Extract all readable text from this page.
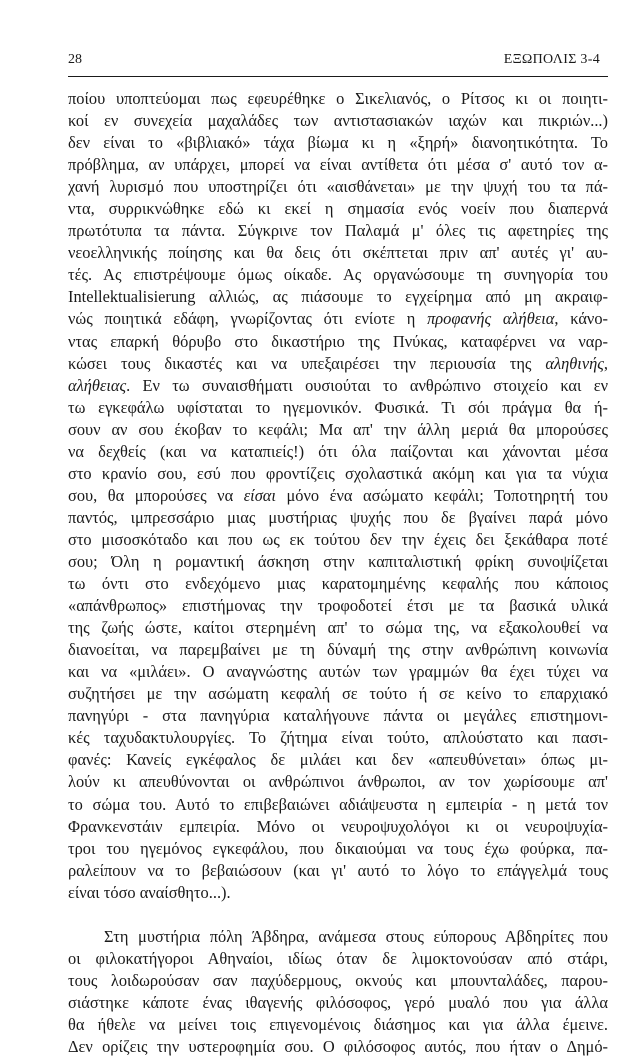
28	ΕΞΩΠΟΛΙΣ 3-4
ποίου υποπτεύομαι πως εφευρέθηκε ο Σικελιανός, ο Ρίτσος κι οι ποιητι-
κοί εν συνεχεία μαχαλάδες των αντιστασιακών ιαχών και πικριών...)
δεν είναι το «βιβλιακό» τάχα βίωμα κι η «ξηρή» διανοητικότητα. Το
πρόβλημα, αν υπάρχει, μπορεί να είναι αντίθετα ότι μέσα σ' αυτό τον α-
χανή λυρισμό που υποστηρίζει ότι «αισθάνεται» με την ψυχή του τα πά-
ντα, συρρικνώθηκε εδώ κι εκεί η σημασία ενός νοείν που διαπερνά
πρωτότυπα τα πάντα. Σύγκρινε τον Παλαμά μ' όλες τις αφετηρίες της
νεοελληνικής ποίησης και θα δεις ότι σκέπτεται πριν απ' αυτές γι' αυ-
τές. Ας επιστρέψουμε όμως οίκαδε. Ας οργανώσουμε τη συνηγορία του
Intellektualisierung αλλιώς, ας πιάσουμε το εγχείρημα από μη ακραιφ-
νώς ποιητικά εδάφη, γνωρίζοντας ότι ενίοτε η προφανής αλήθεια, κάνο-
ντας επαρκή θόρυβο στο δικαστήριο της Πνύκας, καταφέρνει να ναρ-
κώσει τους δικαστές και να υπεξαιρέσει την περιουσία της αληθινής,
αλήθειας. Εν τω συναισθήματι ουσιούται το ανθρώπινο στοιχείο και εν
τω εγκεφάλω υφίσταται το ηγεμονικόν. Φυσικά. Τι σόι πράγμα θα ή-
σουν αν σου έκοβαν το κεφάλι; Μα απ' την άλλη μεριά θα μπορούσες
να δεχθείς (και να καταπιείς!) ότι όλα παίζονται και χάνονται μέσα
στο κρανίο σου, εσύ που φροντίζεις σχολαστικά ακόμη και για τα νύχια
σου, θα μπορούσες να είσαι μόνο ένα ασώματο κεφάλι; Τοποτηρητή του
παντός, ιμπρεσσάριο μιας μυστήριας ψυχής που δε βγαίνει παρά μόνο
στο μισοσκόταδο και που ως εκ τούτου δεν την έχεις δει ξεκάθαρα ποτέ
σου; Όλη η ρομαντική άσκηση στην καπιταλιστική φρίκη συνοψίζεται
τω όντι στο ενδεχόμενο μιας καρατομημένης κεφαλής που κάποιος
«απάνθρωπος» επιστήμονας την τροφοδοτεί έτσι με τα βασικά υλικά
της ζωής ώστε, καίτοι στερημένη απ' το σώμα της, να εξακολουθεί να
διανοείται, να παρεμβαίνει με τη δύναμή της στην ανθρώπινη κοινωνία
και να «μιλάει». Ο αναγνώστης αυτών των γραμμών θα έχει τύχει να
συζητήσει με την ασώματη κεφαλή σε τούτο ή σε κείνο το επαρχιακό
πανηγύρι - στα πανηγύρια καταλήγουνε πάντα οι μεγάλες επιστημονι-
κές ταχυδακτυλουργίες. Το ζήτημα είναι τούτο, απλούστατο και πασι-
φανές: Κανείς εγκέφαλος δε μιλάει και δεν «απευθύνεται» όπως μι-
λούν κι απευθύνονται οι ανθρώπινοι άνθρωποι, αν τον χωρίσουμε απ'
το σώμα του. Αυτό το επιβεβαιώνει αδιάψευστα η εμπειρία - η μετά τον
Φρανκενστάιν εμπειρία. Μόνο οι νευροψυχολόγοι κι οι νευροψυχία-
τροι του ηγεμόνος εγκεφάλου, που δικαιούμαι να τους έχω φούρκα, πα-
ραλείπουν να το βεβαιώσουν (και γι' αυτό το λόγο το επάγγελμά τους
είναι τόσο αναίσθητο...).
Στη μυστήρια πόλη Άβδηρα, ανάμεσα στους εύπορους Αβδηρίτες που
οι φιλοκατήγοροι Αθηναίοι, ιδίως όταν δε λιμοκτονούσαν από στάρι,
τους λοιδωρούσαν σαν παχύδερμους, οκνούς και μπουνταλάδες, παρου-
σιάστηκε κάποτε ένας ιθαγενής φιλόσοφος, γερό μυαλό που για άλλα
θα ήθελε να μείνει τοις επιγενομένοις διάσημος και για άλλα έμεινε.
Δεν ορίζεις την υστεροφημία σου. Ο φιλόσοφος αυτός, που ήταν ο Δημό-
